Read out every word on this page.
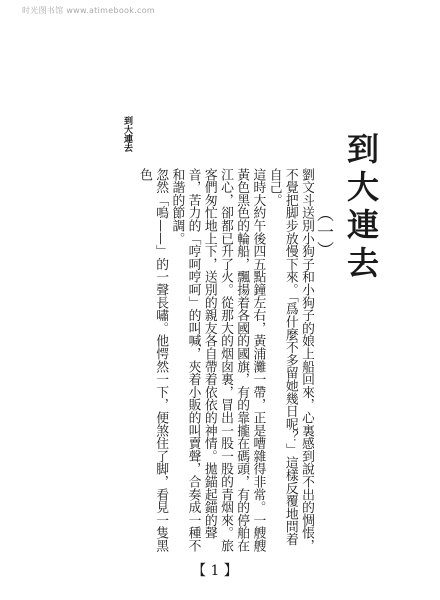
时光图书馆 www.atimebook.com
到大連去	到大連去
︵一︶

劉文斗送別小狗子和小狗子的娘上船回來，心裏感到說不出的惆悵，不覺把脚步放慢下來。「爲什麼不多留她幾日呢？」這樣反覆地問着自己。

這時大約午後四五點鐘左右，黃浦灘一帶，正是嘈雜得非常。一艘艘黃色黑色的輪船，飄揚着各國的國旗，有的靠攏在碼頭，有的停舶在江心，卻都已升了火。從那大的烟囱裏，冒出一股一股的青烟來。旅客們匆忙地上下，送別的親友各自帶着依依的神情。拋錨起錨的聲音，苦力的「哼呵哼呵」的叫喊，夾着小販的叫賣聲，合奏成一種不和諧的節調。

忽然「嗚——」的一聲長嘯。他愕然一下，便煞住了脚，看見一隻黑色

【 1 】
